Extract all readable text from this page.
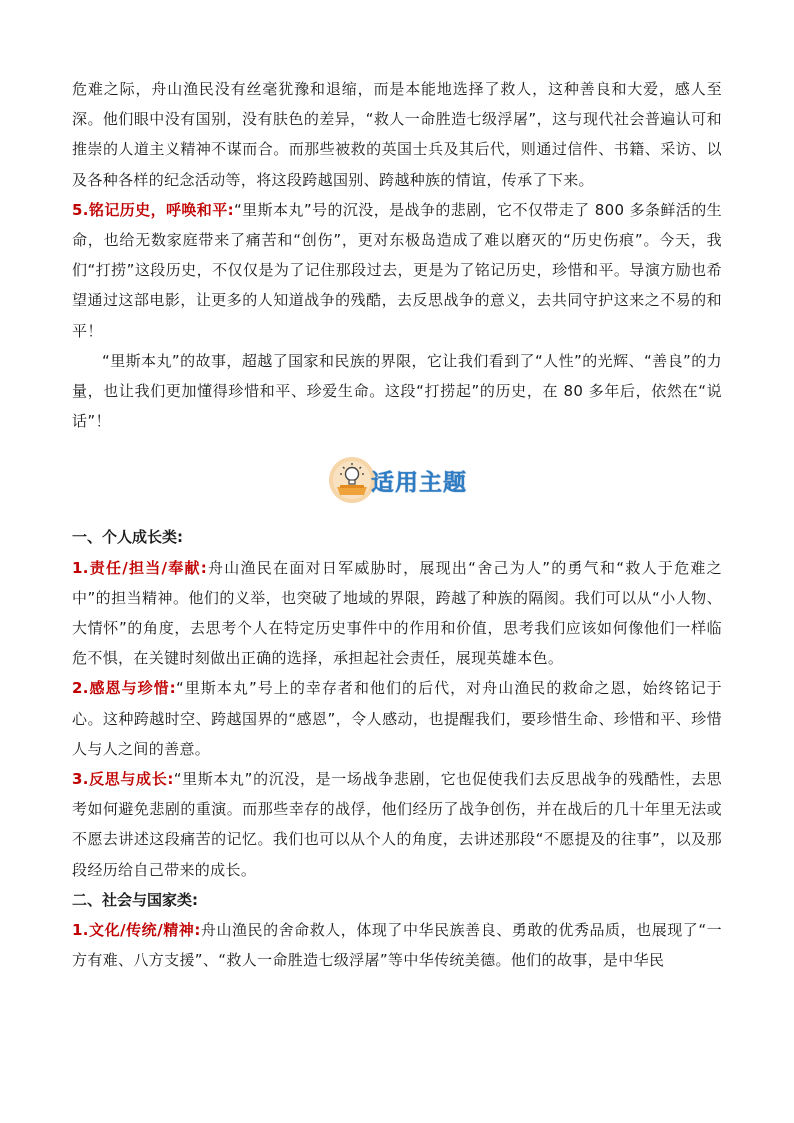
危难之际，舟山渔民没有丝毫犹豫和退缩，而是本能地选择了救人，这种善良和大爱，感人至深。他们眼中没有国别，没有肤色的差异，“救人一命胜造七级浮屠”，这与现代社会普遍认可和推崇的人道主义精神不谋而合。而那些被救的英国士兵及其后代，则通过信件、书籍、采访、以及各种各样的纪念活动等，将这段跨越国别、跨越种族的情谊，传承了下来。

5.铭记历史，呼唤和平:“里斯本丸”号的沉没，是战争的悲剧，它不仅带走了 800 多条鲜活的生命，也给无数家庭带来了痛苦和“创伤”，更对东极岛造成了难以磨灭的“历史伤痕”。今天，我们“打捞”这段历史，不仅仅是为了记住那段过去，更是为了铭记历史，珍惜和平。导演方励也希望通过这部电影，让更多的人知道战争的残酷，去反思战争的意义，去共同守护这来之不易的和平！

“里斯本丸”的故事，超越了国家和民族的界限，它让我们看到了“人性”的光辉、“善良”的力量，也让我们更加懂得珍惜和平、珍爱生命。这段“打捞起”的历史，在 80 多年后，依然在“说话”！

适用主题
一、个人成长类:

1.责任/担当/奉献:舟山渔民在面对日军威胁时，展现出“舍己为人”的勇气和“救人于危难之中”的担当精神。他们的义举，也突破了地域的界限，跨越了种族的隔阂。我们可以从“小人物、大情怀”的角度，去思考个人在特定历史事件中的作用和价值，思考我们应该如何像他们一样临危不惧，在关键时刻做出正确的选择，承担起社会责任，展现英雄本色。

2.感恩与珍惜:“里斯本丸”号上的幸存者和他们的后代，对舟山渔民的救命之恩，始终铭记于心。这种跨越时空、跨越国界的“感恩”，令人感动，也提醒我们，要珍惜生命、珍惜和平、珍惜人与人之间的善意。

3.反思与成长:“里斯本丸”的沉没，是一场战争悲剧，它也促使我们去反思战争的残酷性，去思考如何避免悲剧的重演。而那些幸存的战俘，他们经历了战争创伤，并在战后的几十年里无法或不愿去讲述这段痛苦的记忆。我们也可以从个人的角度，去讲述那段“不愿提及的往事”，以及那段经历给自己带来的成长。

二、社会与国家类:

1.文化/传统/精神:舟山渔民的舍命救人，体现了中华民族善良、勇敢的优秀品质，也展现了“一方有难、八方支援”、“救人一命胜造七级浮屠”等中华传统美德。他们的故事，是中华民
